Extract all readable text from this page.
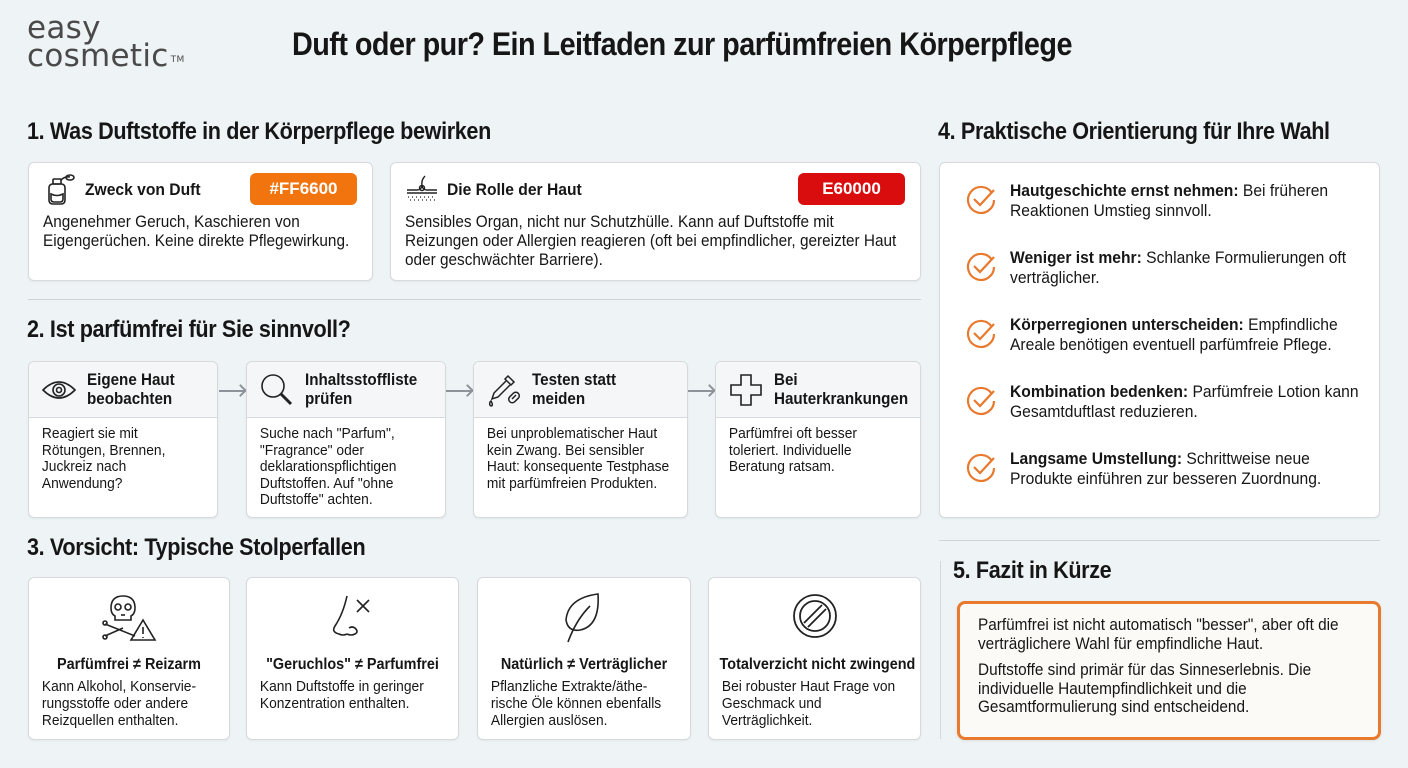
easy
cosmetic ™	Duft oder pur? Ein Leitfaden zur parfümfreien Körperpflege
1. Was Duftstoffe in der Körperpflege bewirken
Zweck von Duft	#FF6600
Angenehmer Geruch, Kaschieren von Eigengerüchen. Keine direkte Pflegewirkung.
Die Rolle der Haut	E60000
Sensibles Organ, nicht nur Schutzhülle. Kann auf Duftstoffe mit Reizungen oder Allergien reagieren (oft bei empfindlicher, gereizter Haut oder geschwächter Barriere).
2. Ist parfümfrei für Sie sinnvoll?
Eigene Haut beobachten
Reagiert sie mit Rötungen, Brennen, Juckreiz nach Anwendung?
Inhaltsstoffliste prüfen
Suche nach "Parfum", "Fragrance" oder deklarationspflichtigen Duftstoffen. Auf "ohne Duftstoffe" achten.
Testen statt meiden
Bei unproblematischer Haut kein Zwang. Bei sensibler Haut: konsequente Testphase mit parfümfreien Produkten.
Bei Hauterkrankungen
Parfümfrei oft besser toleriert. Individuelle Beratung ratsam.
3. Vorsicht: Typische Stolperfallen
Parfümfrei ≠ Reizarm
Kann Alkohol, Konservie-rungsstoffe oder andere Reizquellen enthalten.
"Geruchlos" ≠ Parfumfrei
Kann Duftstoffe in geringer Konzentration enthalten.
Natürlich ≠ Verträglicher
Pflanzliche Extrakte/äthe-rische Öle können ebenfalls Allergien auslösen.
Totalverzicht nicht zwingend
Bei robuster Haut Frage von Geschmack und Verträglichkeit.
4. Praktische Orientierung für Ihre Wahl
Hautgeschichte ernst nehmen: Bei früheren Reaktionen Umstieg sinnvoll.
Weniger ist mehr: Schlanke Formulierungen oft verträglicher.
Körperregionen unterscheiden: Empfindliche Areale benötigen eventuell parfümfreie Pflege.
Kombination bedenken: Parfümfreie Lotion kann Gesamtduftlast reduzieren.
Langsame Umstellung: Schrittweise neue Produkte einführen zur besseren Zuordnung.
5. Fazit in Kürze

Parfümfrei ist nicht automatisch "besser", aber oft die verträglichere Wahl für empfindliche Haut.

Duftstoffe sind primär für das Sinneserlebnis. Die individuelle Hautempfindlichkeit und die Gesamtformulierung sind entscheidend.
